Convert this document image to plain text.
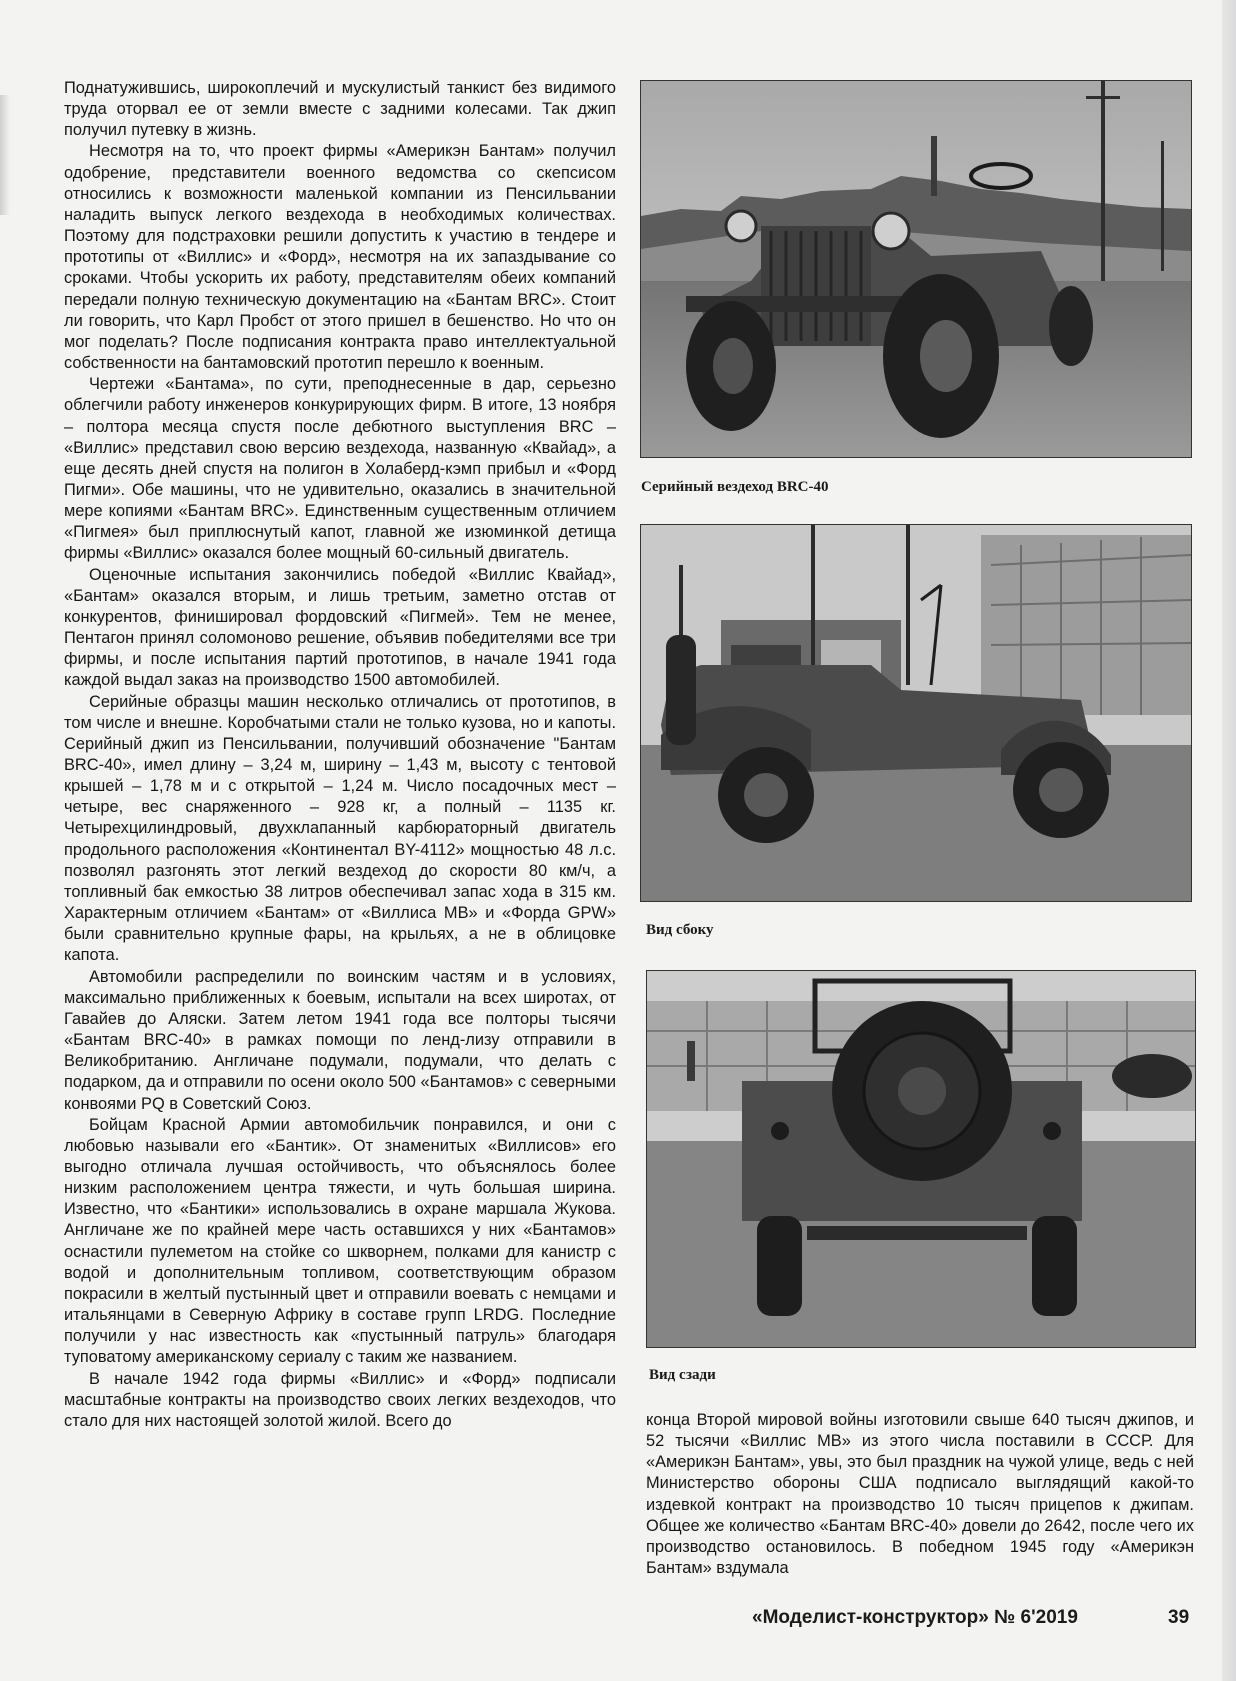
Поднатужившись, широкоплечий и мускулистый танкист без видимого труда оторвал ее от земли вместе с задними колесами. Так джип получил путевку в жизнь.

Несмотря на то, что проект фирмы «Америкэн Бантам» получил одобрение, представители военного ведомства со скепсисом относились к возможности маленькой компании из Пенсильвании наладить выпуск легкого вездехода в необходимых количествах. Поэтому для подстраховки решили допустить к участию в тендере и прототипы от «Виллис» и «Форд», несмотря на их запаздывание со сроками. Чтобы ускорить их работу, представителям обеих компаний передали полную техническую документацию на «Бантам BRC». Стоит ли говорить, что Карл Пробст от этого пришел в бешенство. Но что он мог поделать? После подписания контракта право интеллектуальной собственности на бантамовский прототип перешло к военным.

Чертежи «Бантама», по сути, преподнесенные в дар, серьезно облегчили работу инженеров конкурирующих фирм. В итоге, 13 ноября – полтора месяца спустя после дебютного выступления BRC – «Виллис» представил свою версию вездехода, названную «Квайад», а еще десять дней спустя на полигон в Холаберд-кэмп прибыл и «Форд Пигми». Обе машины, что не удивительно, оказались в значительной мере копиями «Бантам BRC». Единственным существенным отличием «Пигмея» был приплюснутый капот, главной же изюминкой детища фирмы «Виллис» оказался более мощный 60-сильный двигатель.

Оценочные испытания закончились победой «Виллис Квайад», «Бантам» оказался вторым, и лишь третьим, заметно отстав от конкурентов, финишировал фордовский «Пигмей». Тем не менее, Пентагон принял соломоново решение, объявив победителями все три фирмы, и после испытания партий прототипов, в начале 1941 года каждой выдал заказ на производство 1500 автомобилей.

Серийные образцы машин несколько отличались от прототипов, в том числе и внешне. Коробчатыми стали не только кузова, но и капоты. Серийный джип из Пенсильвании, получивший обозначение "Бантам BRC-40», имел длину – 3,24 м, ширину – 1,43 м, высоту с тентовой крышей – 1,78 м и с открытой – 1,24 м. Число посадочных мест – четыре, вес снаряженного – 928 кг, а полный – 1135 кг. Четырехцилиндровый, двухклапанный карбюраторный двигатель продольного расположения «Континентал BY-4112» мощностью 48 л.с. позволял разгонять этот легкий вездеход до скорости 80 км/ч, а топливный бак емкостью 38 литров обеспечивал запас хода в 315 км. Характерным отличием «Бантам» от «Виллиса MB» и «Форда GPW» были сравнительно крупные фары, на крыльях, а не в облицовке капота.

Автомобили распределили по воинским частям и в условиях, максимально приближенных к боевым, испытали на всех широтах, от Гавайев до Аляски. Затем летом 1941 года все полторы тысячи «Бантам BRC-40» в рамках помощи по ленд-лизу отправили в Великобританию. Англичане подумали, подумали, что делать с подарком, да и отправили по осени около 500 «Бантамов» с северными конвоями PQ в Советский Союз.

Бойцам Красной Армии автомобильчик понравился, и они с любовью называли его «Бантик». От знаменитых «Виллисов» его выгодно отличала лучшая остойчивость, что объяснялось более низким расположением центра тяжести, и чуть большая ширина. Известно, что «Бантики» использовались в охране маршала Жукова. Англичане же по крайней мере часть оставшихся у них «Бантамов» оснастили пулеметом на стойке со шкворнем, полками для канистр с водой и дополнительным топливом, соответствующим образом покрасили в желтый пустынный цвет и отправили воевать с немцами и итальянцами в Северную Африку в составе групп LRDG. Последние получили у нас известность как «пустынный патруль» благодаря туповатому американскому сериалу с таким же названием.

В начале 1942 года фирмы «Виллис» и «Форд» подписали масштабные контракты на производство своих легких вездеходов, что стало для них настоящей золотой жилой. Всего до

Серийный вездеход BRC-40
Вид сбоку
Вид сзади

конца Второй мировой войны изготовили свыше 640 тысяч джипов, и 52 тысячи «Виллис МВ» из этого числа поставили в СССР. Для «Америкэн Бантам», увы, это был праздник на чужой улице, ведь с ней Министерство обороны США подписало выглядящий какой-то издевкой контракт на производство 10 тысяч прицепов к джипам. Общее же количество «Бантам BRC-40» довели до 2642, после чего их производство остановилось. В победном 1945 году «Америкэн Бантам» вздумала

«Моделист-конструктор» № 6'2019	39
